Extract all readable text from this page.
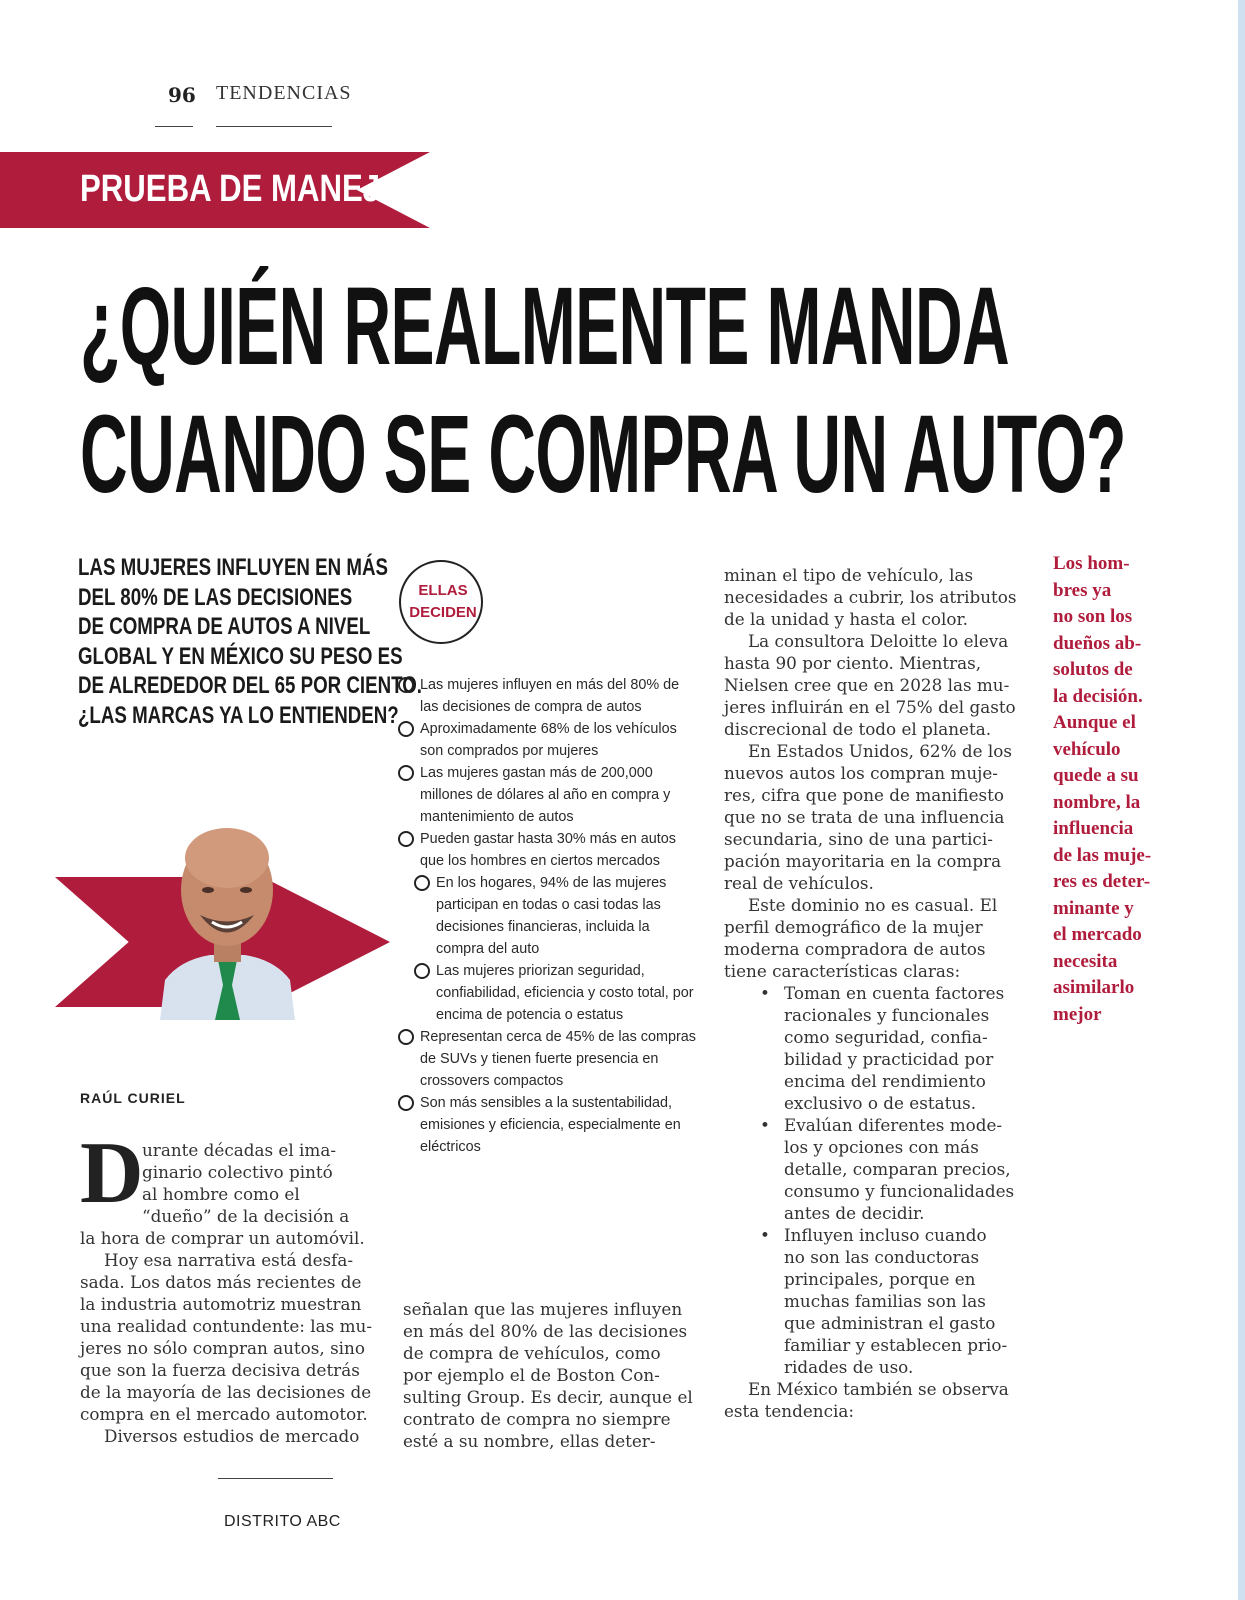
96 TENDENCIAS
PRUEBA DE MANEJO
¿QUIÉN REALMENTE MANDA
CUANDO SE COMPRA UN AUTO?
LAS MUJERES INFLUYEN EN MÁS
DEL 80% DE LAS DECISIONES
DE COMPRA DE AUTOS A NIVEL
GLOBAL Y EN MÉXICO SU PESO ES
DE ALREDEDOR DEL 65 POR CIENTO.
¿LAS MARCAS YA LO ENTIENDEN?
RAÚL CURIEL
D
urante décadas el ima-
ginario colectivo pintó
al hombre como el
“dueño” de la decisión a
la hora de comprar un automóvil.
Hoy esa narrativa está desfa-
sada. Los datos más recientes de
la industria automotriz muestran
una realidad contundente: las mu-
jeres no sólo compran autos, sino
que son la fuerza decisiva detrás
de la mayoría de las decisiones de
compra en el mercado automotor.
Diversos estudios de mercado
ELLAS
DECIDEN
Las mujeres influyen en más del 80% de las decisiones de compra de autos
Aproximadamente 68% de los vehículos son comprados por mujeres
Las mujeres gastan más de 200,000 millones de dólares al año en compra y mantenimiento de autos
Pueden gastar hasta 30% más en autos que los hombres en ciertos mercados
En los hogares, 94% de las mujeres participan en todas o casi todas las decisiones financieras, incluida la compra del auto
Las mujeres priorizan seguridad, confiabilidad, eficiencia y costo total, por encima de potencia o estatus
Representan cerca de 45% de las compras de SUVs y tienen fuerte presencia en crossovers compactos
Son más sensibles a la sustentabilidad, emisiones y eficiencia, especialmente en eléctricos
señalan que las mujeres influyen
en más del 80% de las decisiones
de compra de vehículos, como
por ejemplo el de Boston Con-
sulting Group. Es decir, aunque el
contrato de compra no siempre
esté a su nombre, ellas deter-
minan el tipo de vehículo, las
necesidades a cubrir, los atributos
de la unidad y hasta el color.
La consultora Deloitte lo eleva
hasta 90 por ciento. Mientras,
Nielsen cree que en 2028 las mu-
jeres influirán en el 75% del gasto
discrecional de todo el planeta.
En Estados Unidos, 62% de los
nuevos autos los compran muje-
res, cifra que pone de manifiesto
que no se trata de una influencia
secundaria, sino de una partici-
pación mayoritaria en la compra
real de vehículos.
Este dominio no es casual. El
perfil demográfico de la mujer
moderna compradora de autos
tiene características claras:
• Toman en cuenta factores
racionales y funcionales
como seguridad, confia-
bilidad y practicidad por
encima del rendimiento
exclusivo o de estatus.
• Evalúan diferentes mode-
los y opciones con más
detalle, comparan precios,
consumo y funcionalidades
antes de decidir.
• Influyen incluso cuando
no son las conductoras
principales, porque en
muchas familias son las
que administran el gasto
familiar y establecen prio-
ridades de uso.
En México también se observa
esta tendencia:
Los hom-
bres ya
no son los
dueños ab-
solutos de
la decisión.
Aunque el
vehículo
quede a su
nombre, la
influencia
de las muje-
res es deter-
minante y
el mercado
necesita
asimilarlo
mejor
DISTRITO ABC
